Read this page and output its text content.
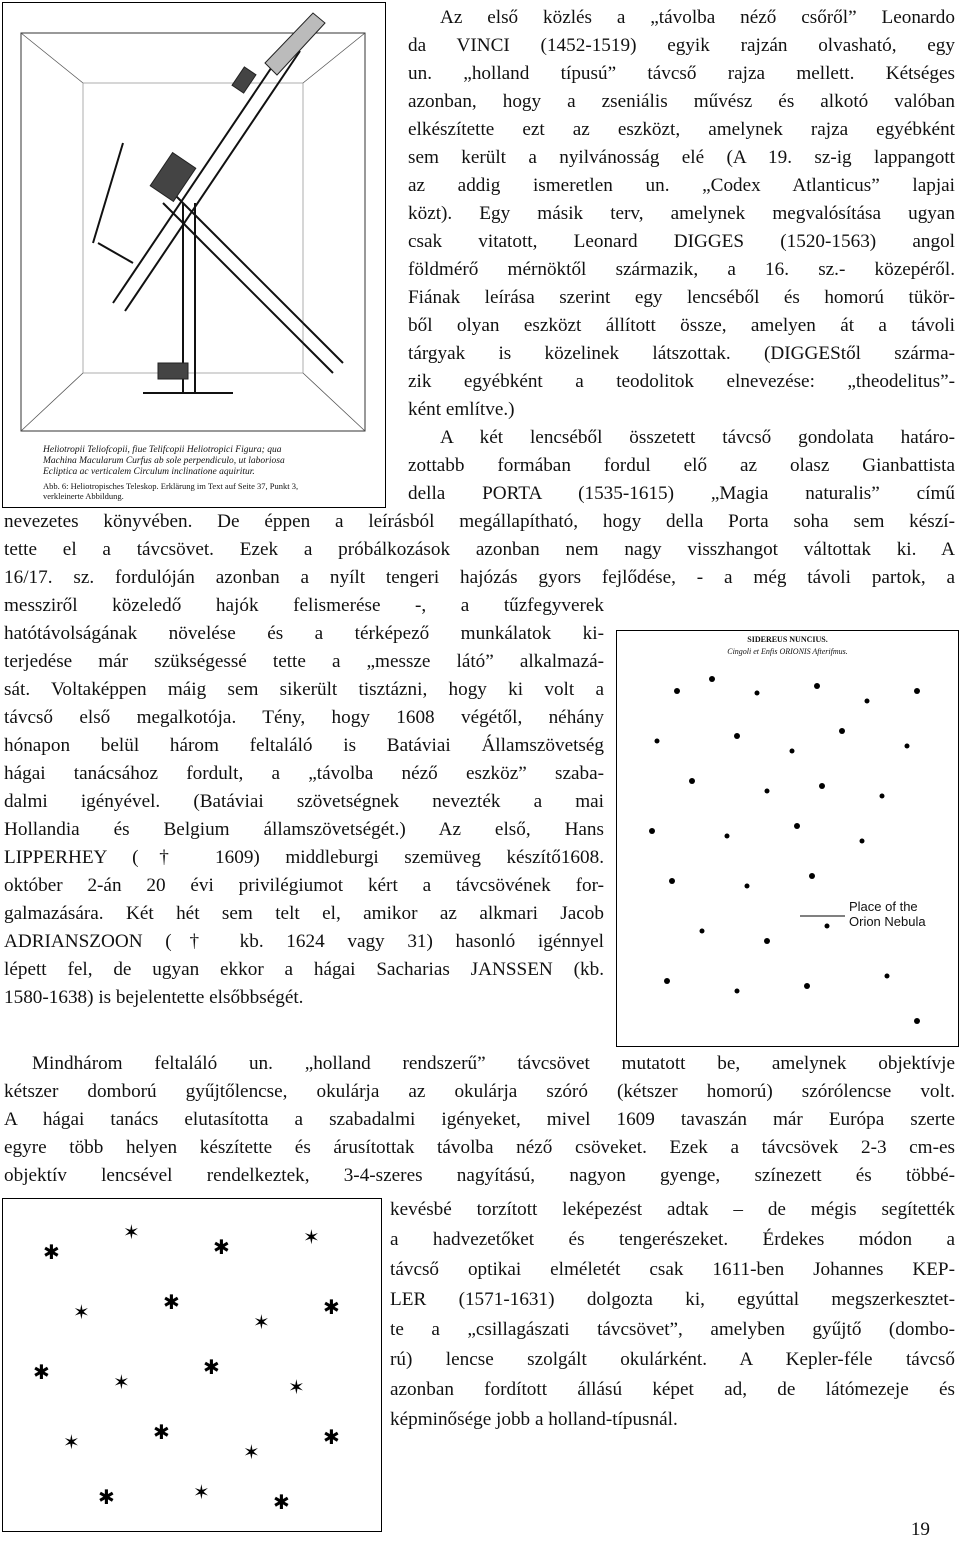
Heliotropii Teliofcopii, fiue Telifcopii Heliotropici Figura; qua
Machina Macularum Curfus ab sole perpendiculo, ut laboriosa
Ecliptica ac verticalem Circulum inclinatione aquiritur.
Abb. 6: Heliotropisches Teleskop. Erklärung im Text auf Seite 37, Punkt 3,
verkleinerte Abbildung.
SIDEREUS NUNCIUS.
Cingoli et Enfis ORIONIS Afterifmus.
Place of the
Orion Nebula
✱
✶
✱	✶
✶	✱
✶
✱
✱	✶
✱
✶
✶	✱
✶
✱
✱	✶	✱
Az első közlés a „távolba néző csőről” Leonardo
da VINCI (1452-1519) egyik rajzán olvasható, egy
un. „holland típusú” távcső rajza mellett. Kétséges
azonban, hogy a zseniális művész és alkotó valóban
elkészítette ezt az eszközt, amelynek rajza egyébként
sem került a nyilvánosság elé (A 19. sz-ig lappangott
az addig ismeretlen un. „Codex Atlanticus” lapjai
közt). Egy másik terv, amelynek megvalósítása ugyan
csak vitatott, Leonard DIGGES (1520-1563) angol
földmérő mérnöktől származik, a 16. sz.- közepéről.
Fiának leírása szerint egy lencséből és homorú tükör-
ből olyan eszközt állított össze, amelyen át a távoli
tárgyak is közelinek látszottak. (DIGGEStől szárma-
zik egyébként a teodolitok elnevezése: „theodelitus”-
ként említve.)
A két lencséből összetett távcső gondolata határo-
zottabb formában fordul elő az olasz Gianbattista
della PORTA (1535-1615) „Magia naturalis” című
nevezetes könyvében. De éppen a leírásból megállapítható, hogy della Porta soha sem készí-
tette el a távcsövet. Ezek a próbálkozások azonban nem nagy visszhangot váltottak ki. A
16/17. sz. fordulóján azonban a nyílt tengeri hajózás gyors fejlődése, - a még távoli partok, a
messziről közeledő hajók felismerése -, a tűzfegyverek
hatótávolságának növelése és a térképező munkálatok ki-
terjedése már szükségessé tette a „messze látó” alkalmazá-
sát. Voltaképpen máig sem sikerült tisztázni, hogy ki volt a
távcső első megalkotója. Tény, hogy 1608 végétől, néhány
hónapon belül három feltaláló is Batáviai Államszövetség
hágai tanácsához fordult, a „távolba néző eszköz” szaba-
dalmi igényével. (Batáviai szövetségnek nevezték a mai
Hollandia és Belgium államszövetségét.) Az első, Hans
LIPPERHEY († 1609) middleburgi szemüveg készítő1608.
október 2-án 20 évi privilégiumot kért a távcsövének for-
galmazására. Két hét sem telt el, amikor az alkmari Jacob
ADRIANSZOON († kb. 1624 vagy 31) hasonló igénnyel
lépett fel, de ugyan ekkor a hágai Sacharias JANSSEN (kb.
1580-1638) is bejelentette elsőbbségét.
Mindhárom feltaláló un. „holland rendszerű” távcsövet mutatott be, amelynek objektívje
kétszer domború gyűjtőlencse, okulárja az okulárja szóró (kétszer homorú) szórólencse volt.
A hágai tanács elutasította a szabadalmi igényeket, mivel 1609 tavaszán már Európa szerte
egyre több helyen készítette és árusítottak távolba néző csöveket. Ezek a távcsövek 2-3 cm-es
objektív lencsével rendelkeztek, 3-4-szeres nagyítású, nagyon gyenge, színezett és többé-
kevésbé torzított leképezést adtak – de mégis segítették
a hadvezetőket és tengerészeket. Érdekes módon a
távcső optikai elméletét csak 1611-ben Johannes KEP-
LER (1571-1631) dolgozta ki, egyúttal megszerkesztet-
te a „csillagászati távcsövet”, amelyben gyűjtő (dombo-
rú) lencse szolgált okulárként. A Kepler-féle távcső
azonban fordított állású képet ad, de látómezeje és
képminősége jobb a holland-típusnál.
19
